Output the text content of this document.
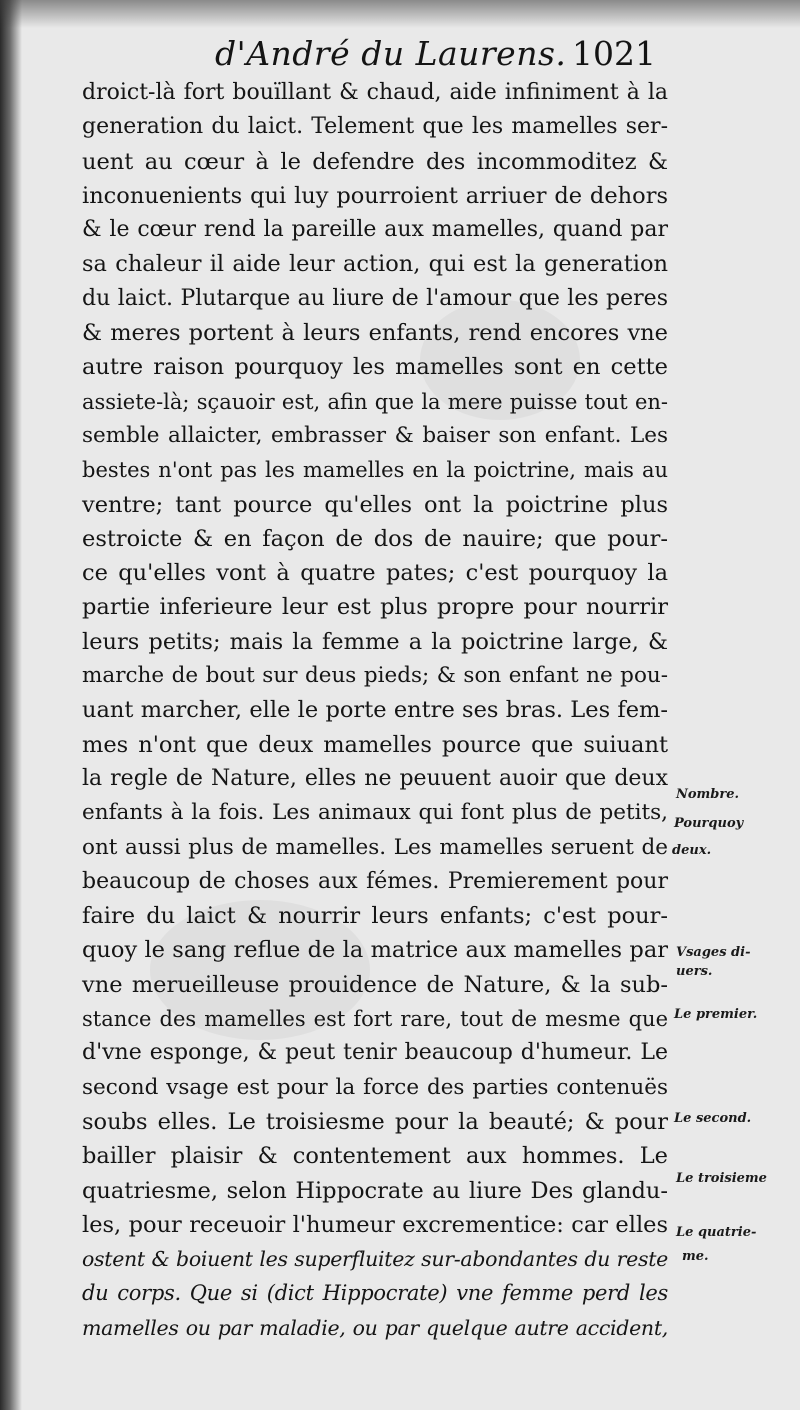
d'André du Laurens. 1021
droict-là fort bouïllant & chaud, aide infiniment à la
generation du laict. Telement que les mamelles ser-
uent au cœur à le defendre des incommoditez &
inconuenients qui luy pourroient arriuer de dehors
& le cœur rend la pareille aux mamelles, quand par
sa chaleur il aide leur action, qui est la generation
du laict. Plutarque au liure de l'amour que les peres
& meres portent à leurs enfants, rend encores vne
autre raison pourquoy les mamelles sont en cette
assiete-là; sçauoir est, afin que la mere puisse tout en-
semble allaicter, embrasser & baiser son enfant. Les
bestes n'ont pas les mamelles en la poictrine, mais au
ventre; tant pource qu'elles ont la poictrine plus
estroicte & en façon de dos de nauire; que pour-
ce qu'elles vont à quatre pates; c'est pourquoy la
partie inferieure leur est plus propre pour nourrir
leurs petits; mais la femme a la poictrine large, &
marche de bout sur deus pieds; & son enfant ne pou-
uant marcher, elle le porte entre ses bras. Les fem-
mes n'ont que deux mamelles pource que suiuant
la regle de Nature, elles ne peuuent auoir que deux
enfants à la fois. Les animaux qui font plus de petits,
ont aussi plus de mamelles. Les mamelles seruent de
beaucoup de choses aux fémes. Premierement pour
faire du laict & nourrir leurs enfants; c'est pour-
quoy le sang reflue de la matrice aux mamelles par
vne merueilleuse prouidence de Nature, & la sub-
stance des mamelles est fort rare, tout de mesme que
d'vne esponge, & peut tenir beaucoup d'humeur. Le
second vsage est pour la force des parties contenuës
soubs elles. Le troisiesme pour la beauté; & pour
bailler plaisir & contentement aux hommes. Le
quatriesme, selon Hippocrate au liure Des glandu-
les, pour receuoir l'humeur excrementice: car elles
ostent & boiuent les superfluitez sur-abondantes du reste
du corps. Que si (dict Hippocrate) vne femme perd les
mamelles ou par maladie, ou par quelque autre accident,
Nombre.
Pourquoy
deux.
Vsages di-
uers.
Le premier.
Le second.
Le troisieme
Le quatrie-
me.
